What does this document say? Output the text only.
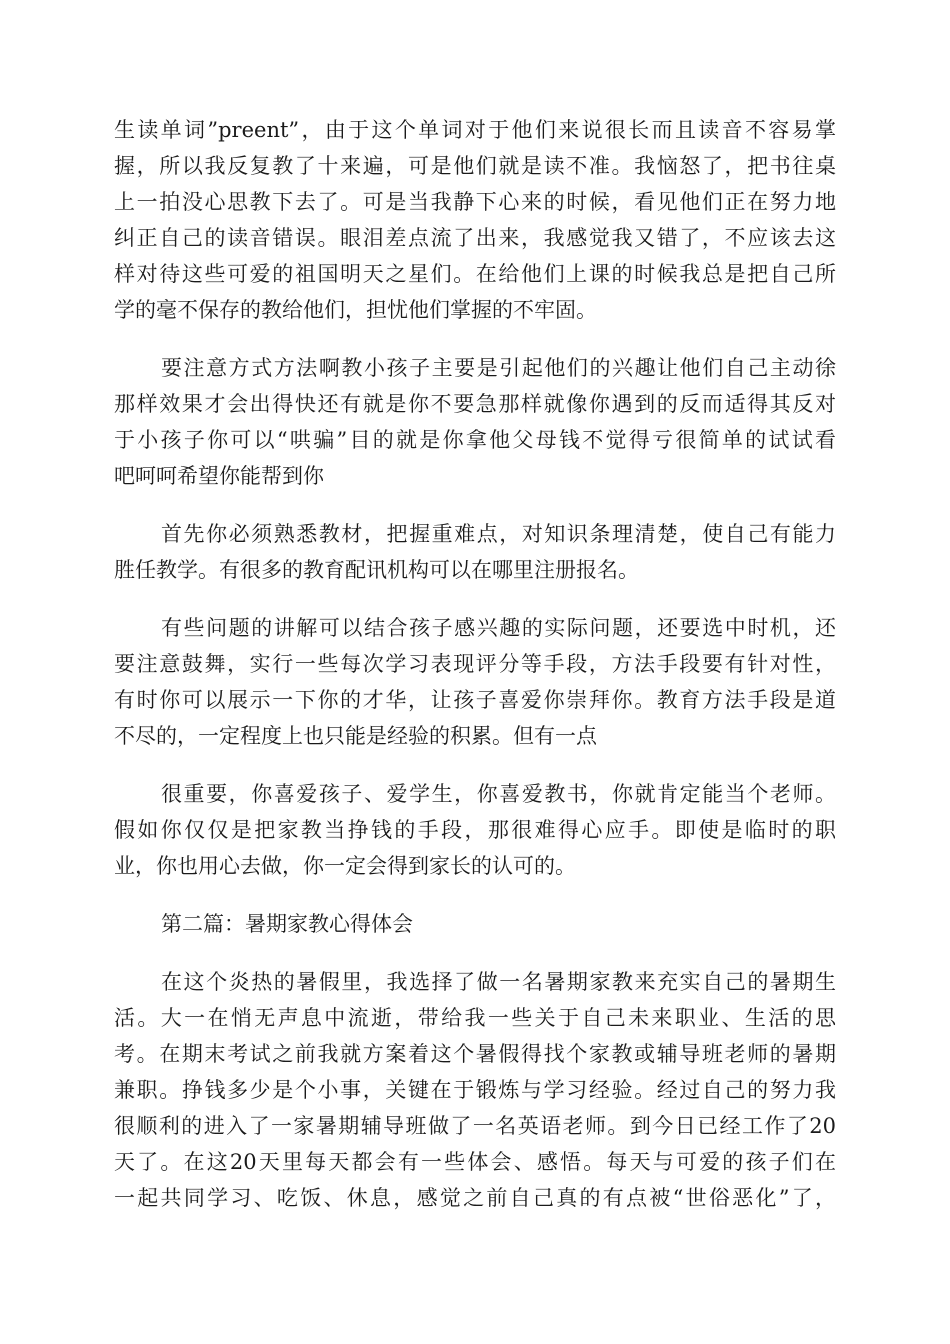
生读单词”preent”，由于这个单词对于他们来说很长而且读音不容易掌
握，所以我反复教了十来遍，可是他们就是读不准。我恼怒了，把书往桌
上一拍没心思教下去了。可是当我静下心来的时候，看见他们正在努力地
纠正自己的读音错误。眼泪差点流了出来，我感觉我又错了，不应该去这
样对待这些可爱的祖国明天之星们。在给他们上课的时候我总是把自己所
学的毫不保存的教给他们，担忧他们掌握的不牢固。
要注意方式方法啊教小孩子主要是引起他们的兴趣让他们自己主动徐
那样效果才会出得快还有就是你不要急那样就像你遇到的反而适得其反对
于小孩子你可以“哄骗”目的就是你拿他父母钱不觉得亏很简单的试试看
吧呵呵希望你能帮到你
首先你必须熟悉教材，把握重难点，对知识条理清楚，使自己有能力
胜任教学。有很多的教育配讯机构可以在哪里注册报名。
有些问题的讲解可以结合孩子感兴趣的实际问题，还要选中时机，还
要注意鼓舞，实行一些每次学习表现评分等手段，方法手段要有针对性，
有时你可以展示一下你的才华，让孩子喜爱你崇拜你。教育方法手段是道
不尽的，一定程度上也只能是经验的积累。但有一点
很重要，你喜爱孩子、爱学生，你喜爱教书，你就肯定能当个老师。
假如你仅仅是把家教当挣钱的手段，那很难得心应手。即使是临时的职
业，你也用心去做，你一定会得到家长的认可的。
第二篇：暑期家教心得体会
在这个炎热的暑假里，我选择了做一名暑期家教来充实自己的暑期生
活。大一在悄无声息中流逝，带给我一些关于自己未来职业、生活的思
考。在期末考试之前我就方案着这个暑假得找个家教或辅导班老师的暑期
兼职。挣钱多少是个小事，关键在于锻炼与学习经验。经过自己的努力我
很顺利的进入了一家暑期辅导班做了一名英语老师。到今日已经工作了20
天了。在这20天里每天都会有一些体会、感悟。每天与可爱的孩子们在
一起共同学习、吃饭、休息，感觉之前自己真的有点被“世俗恶化”了，
